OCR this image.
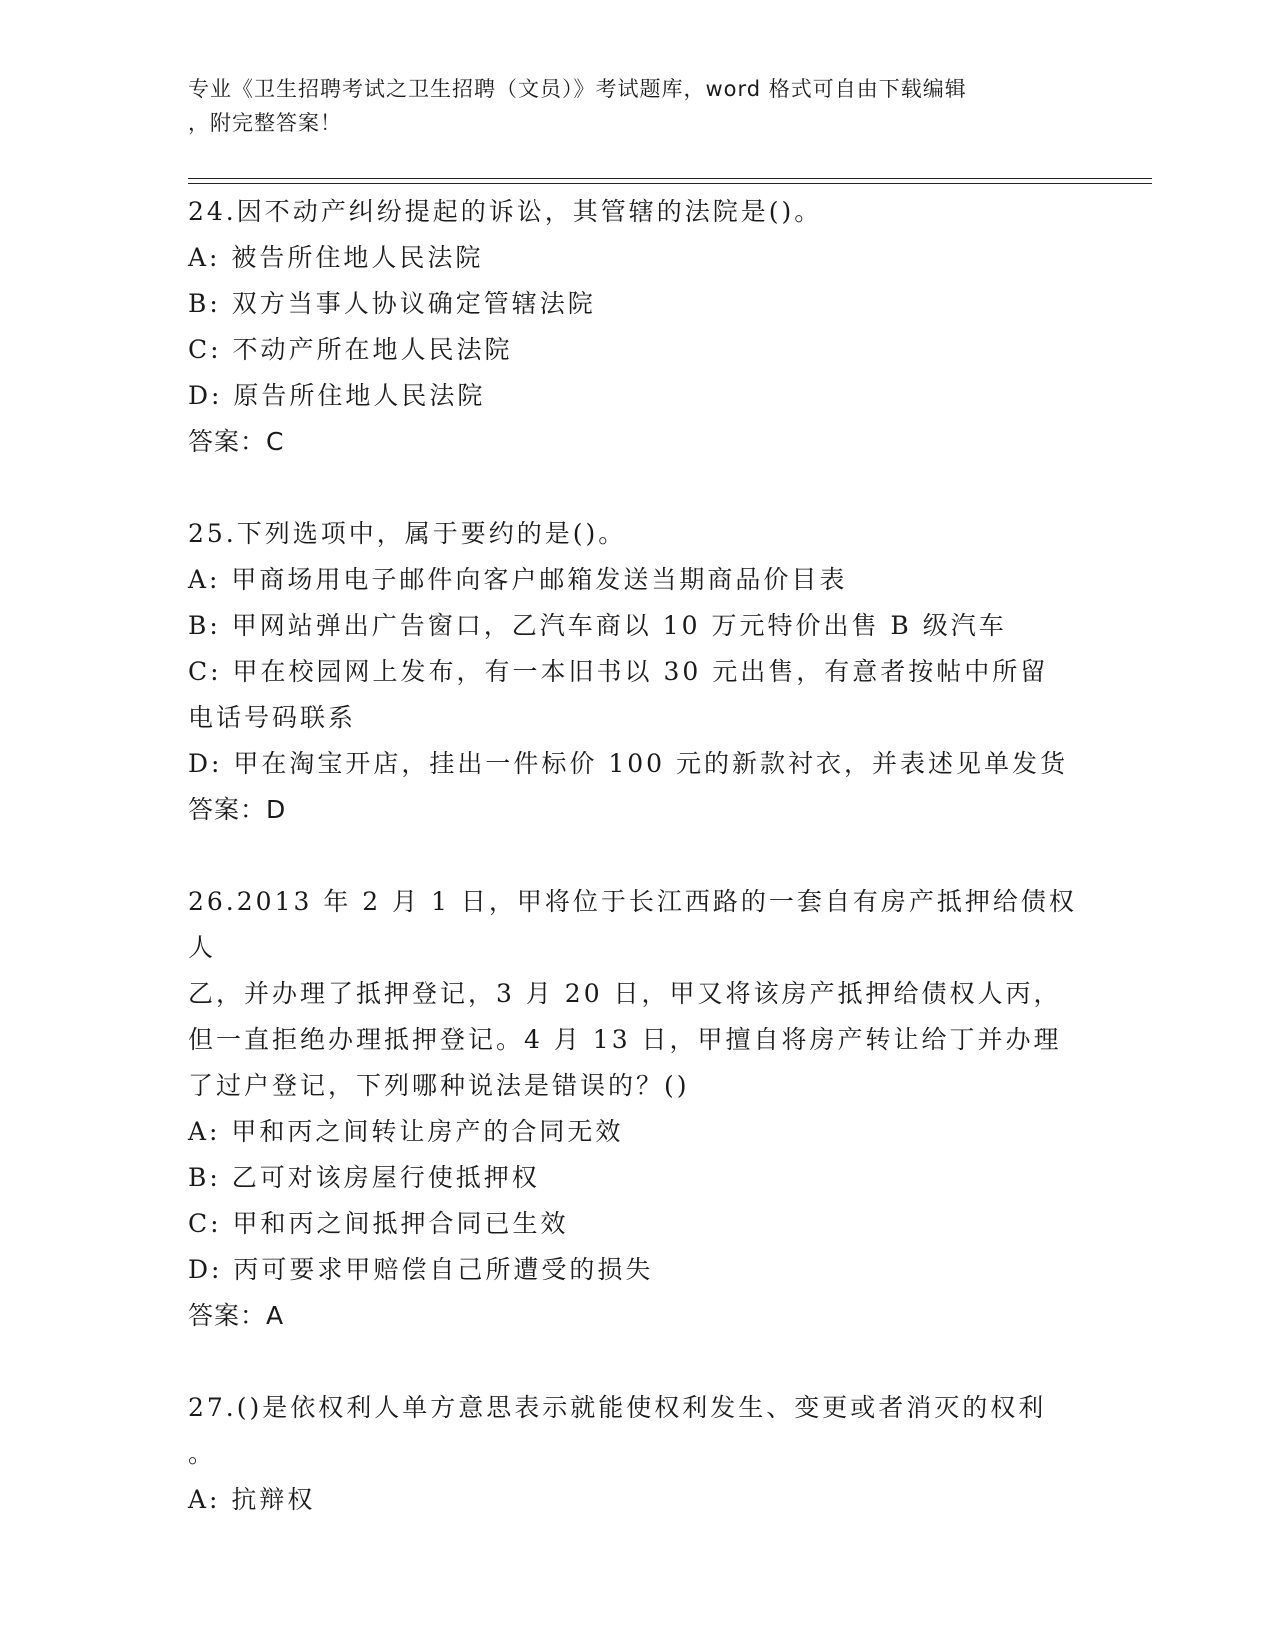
专业《卫生招聘考试之卫生招聘（文员）》考试题库，word 格式可自由下载编辑
，附完整答案！
24.因不动产纠纷提起的诉讼，其管辖的法院是()。
A: 被告所住地人民法院
B: 双方当事人协议确定管辖法院
C: 不动产所在地人民法院
D: 原告所住地人民法院
答案：C
25.下列选项中，属于要约的是()。
A: 甲商场用电子邮件向客户邮箱发送当期商品价目表
B: 甲网站弹出广告窗口，乙汽车商以 10 万元特价出售 B 级汽车
C: 甲在校园网上发布，有一本旧书以 30 元出售，有意者按帖中所留
电话号码联系
D: 甲在淘宝开店，挂出一件标价 100 元的新款衬衣，并表述见单发货
答案：D
26.2013 年 2 月 1 日，甲将位于长江西路的一套自有房产抵押给债权人
乙，并办理了抵押登记，3 月 20 日，甲又将该房产抵押给债权人丙，
但一直拒绝办理抵押登记。4 月 13 日，甲擅自将房产转让给丁并办理
了过户登记，下列哪种说法是错误的？()
A: 甲和丙之间转让房产的合同无效
B: 乙可对该房屋行使抵押权
C: 甲和丙之间抵押合同已生效
D: 丙可要求甲赔偿自己所遭受的损失
答案：A
27.()是依权利人单方意思表示就能使权利发生、变更或者消灭的权利
。
A: 抗辩权
